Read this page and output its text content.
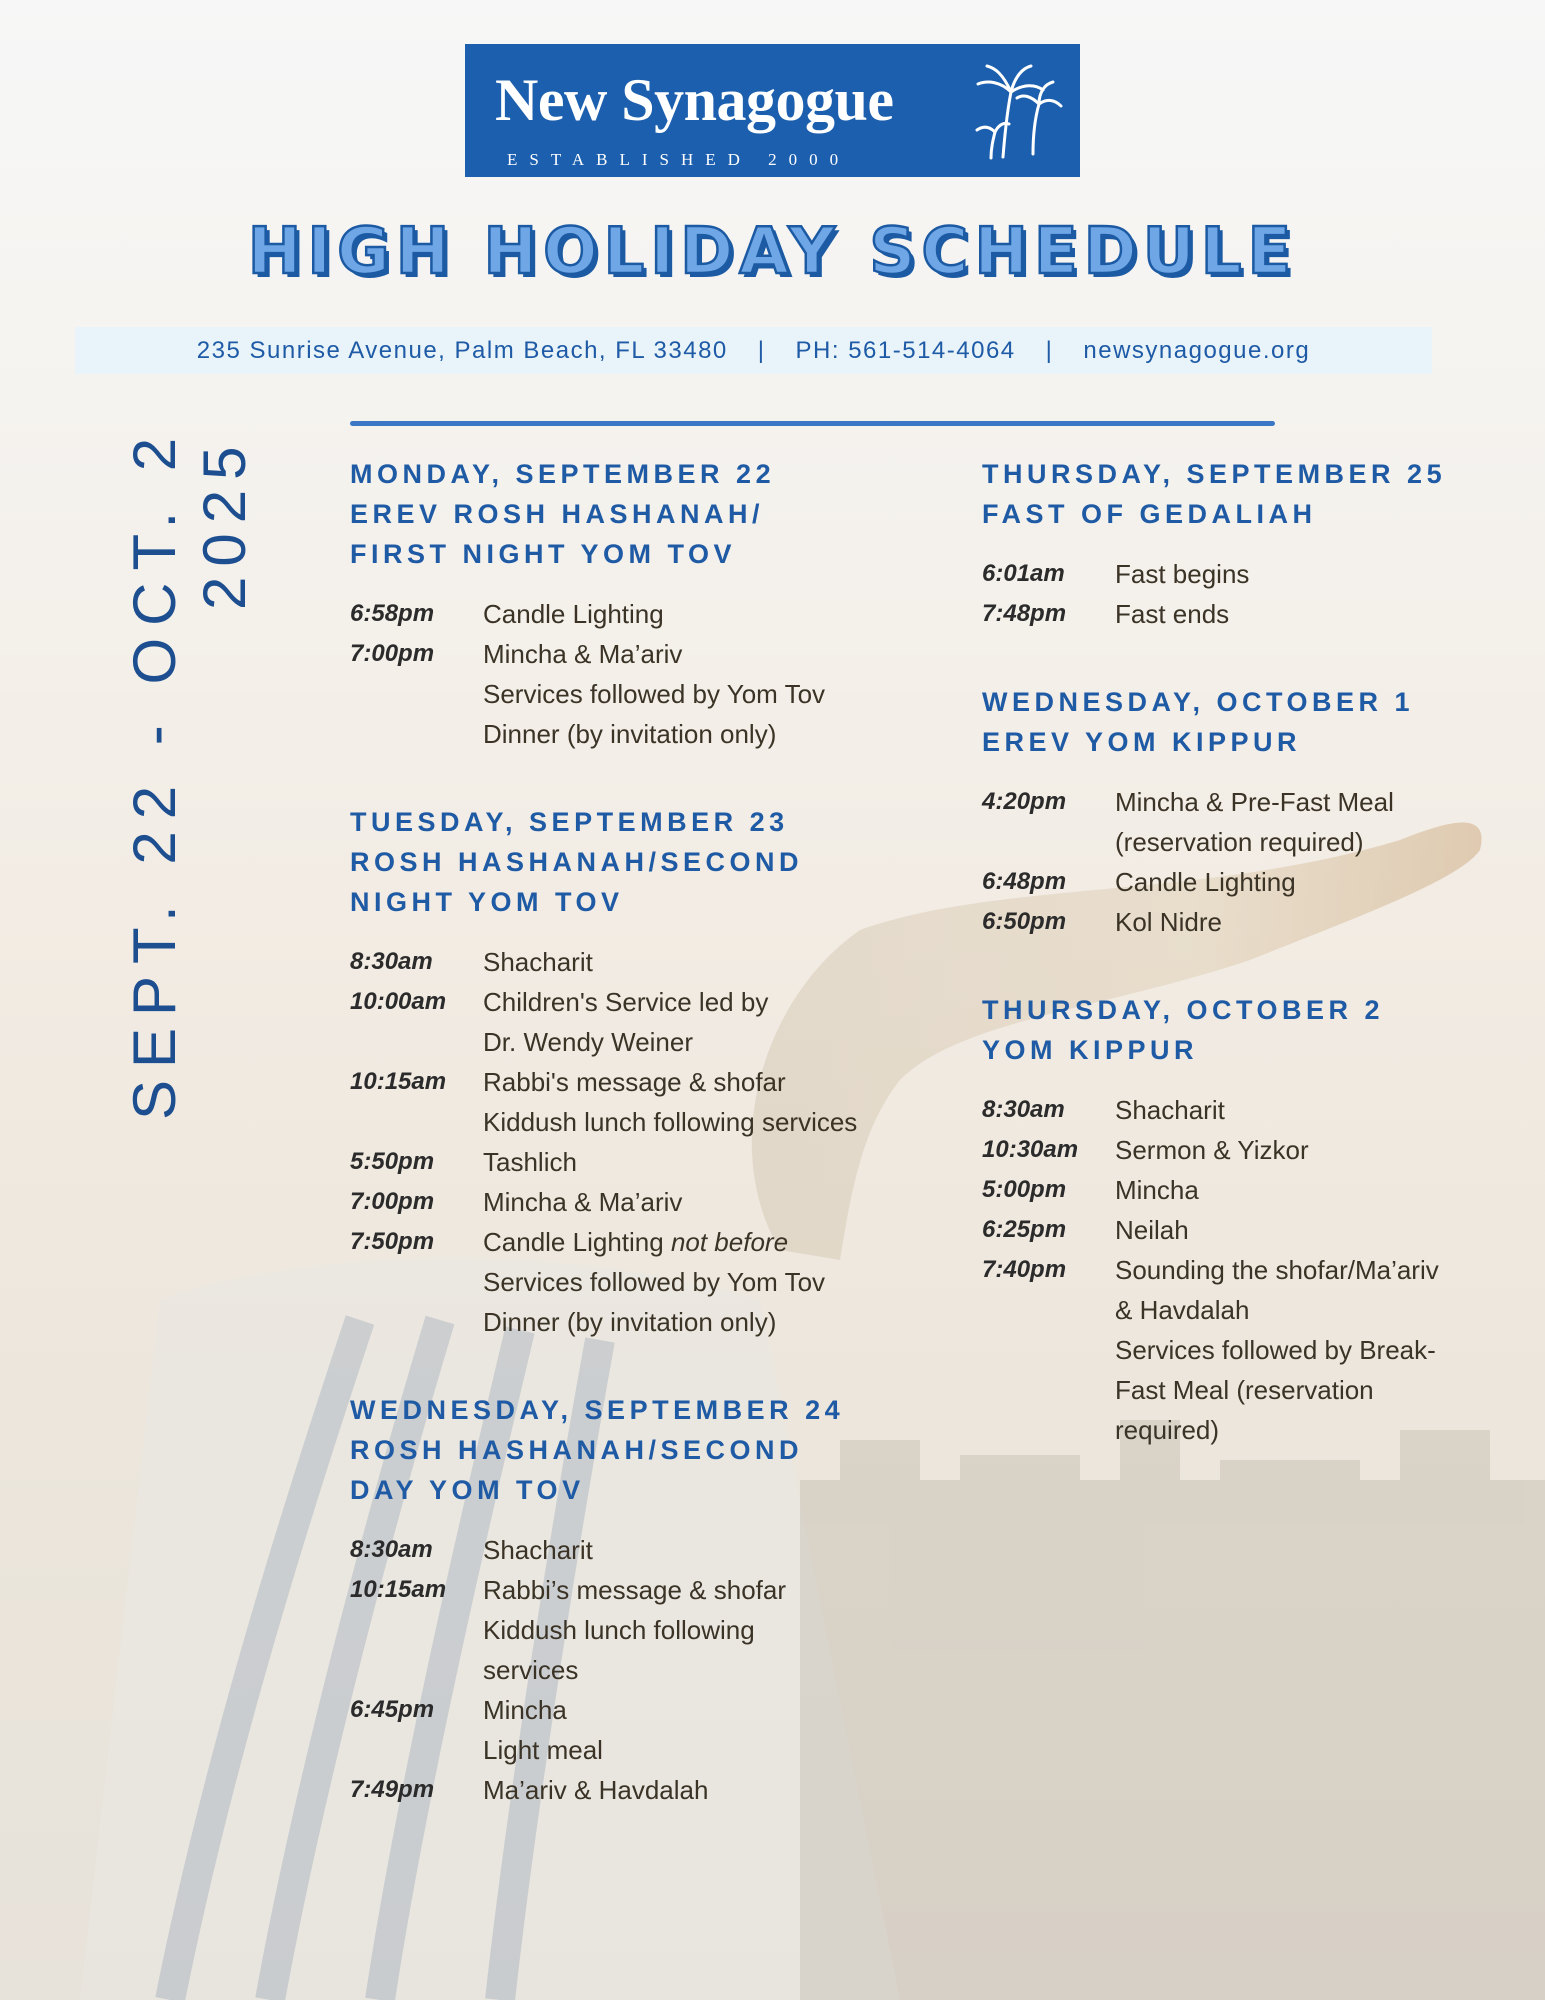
New Synagogue
ESTABLISHED 2000
HIGH HOLIDAY SCHEDULE
235 Sunrise Avenue, Palm Beach, FL 33480	|	PH: 561-514-4064	|	newsynagogue.org
SEPT. 22 - OCT. 2 2025	MONDAY, SEPTEMBER 22
EREV ROSH HASHANAH/
FIRST NIGHT YOM TOV
6:58pm	Candle Lighting
7:00pm	Mincha & Ma’ariv
Services followed by Yom Tov
Dinner (by invitation only)
TUESDAY, SEPTEMBER 23
ROSH HASHANAH/SECOND
NIGHT YOM TOV
8:30am	Shacharit
10:00am	Children's Service led by
Dr. Wendy Weiner
10:15am	Rabbi's message & shofar
Kiddush lunch following services
5:50pm	Tashlich
7:00pm	Mincha & Ma’ariv
7:50pm	Candle Lighting not before
Services followed by Yom Tov
Dinner (by invitation only)
WEDNESDAY, SEPTEMBER 24
ROSH HASHANAH/SECOND
DAY YOM TOV
8:30am	Shacharit
10:15am	Rabbi’s message & shofar
Kiddush lunch following
services
6:45pm	Mincha
Light meal
7:49pm	Ma’ariv & Havdalah
THURSDAY, SEPTEMBER 25
FAST OF GEDALIAH
6:01am	Fast begins
7:48pm	Fast ends
WEDNESDAY, OCTOBER 1
EREV YOM KIPPUR
4:20pm	Mincha & Pre-Fast Meal
(reservation required)
6:48pm	Candle Lighting
6:50pm	Kol Nidre
THURSDAY, OCTOBER 2
YOM KIPPUR
8:30am	Shacharit
10:30am	Sermon & Yizkor
5:00pm	Mincha
6:25pm	Neilah
7:40pm	Sounding the shofar/Ma’ariv
& Havdalah
Services followed by Break-
Fast Meal (reservation
required)
